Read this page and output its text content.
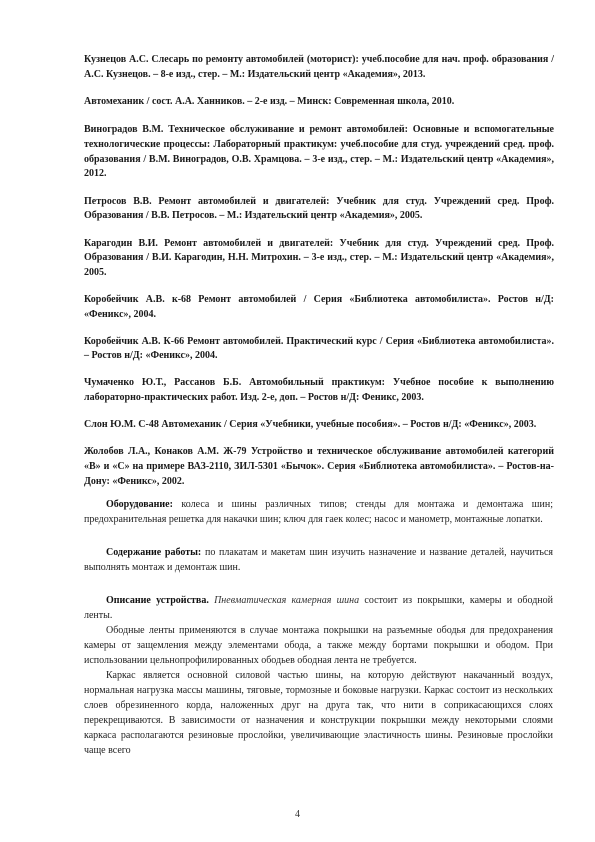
Кузнецов А.С. Слесарь по ремонту автомобилей (моторист): учеб.пособие для нач. проф. образования / А.С. Кузнецов. – 8-е изд., стер. – М.: Издательский центр «Академия», 2013.

Автомеханик / сост. А.А. Ханников. – 2-е изд. – Минск: Современная школа, 2010.

Виноградов В.М. Техническое обслуживание и ремонт автомобилей: Основные и вспомогательные технологические процессы: Лабораторный практикум: учеб.пособие для студ. учреждений сред. проф. образования / В.М. Виноградов, О.В. Храмцова. – 3-е изд., стер. – М.: Издательский центр «Академия», 2012.

Петросов В.В. Ремонт автомобилей и двигателей: Учебник для студ. Учреждений сред. Проф. Образования / В.В. Петросов. – М.: Издательский центр «Академия», 2005.

Карагодин В.И. Ремонт автомобилей и двигателей: Учебник для студ. Учреждений сред. Проф. Образования / В.И. Карагодин, Н.Н. Митрохин. – 3-е изд., стер. – М.: Издательский центр «Академия», 2005.

Коробейчик А.В. к-68 Ремонт автомобилей / Серия «Библиотека автомобилиста». Ростов н/Д: «Феникс», 2004.

Коробейчик А.В. К-66 Ремонт автомобилей. Практический курс / Серия «Библиотека автомобилиста». – Ростов н/Д: «Феникс», 2004.

Чумаченко Ю.Т., Рассанов Б.Б. Автомобильный практикум: Учебное пособие к выполнению лабораторно-практических работ. Изд. 2-е, доп. – Ростов н/Д: Феникс, 2003.

Слон Ю.М. С-48 Автомеханик / Серия «Учебники, учебные пособия». – Ростов н/Д: «Феникс», 2003.

Жолобов Л.А., Конаков А.М. Ж-79 Устройство и техническое обслуживание автомобилей категорий «В» и «С» на примере ВАЗ-2110, ЗИЛ-5301 «Бычок». Серия «Библиотека автомобилиста». – Ростов-на-Дону: «Феникс», 2002.

Оборудование: колеса и шины различных типов; стенды для монтажа и демонтажа шин; предохранительная решетка для накачки шин; ключ для гаек колес; насос и манометр, монтажные лопатки.

Содержание работы: по плакатам и макетам шин изучить назначение и название деталей, научиться выполнять монтаж и демонтаж шин.

Описание устройства. Пневматическая камерная шина состоит из покрышки, камеры и ободной ленты.

Ободные ленты применяются в случае монтажа покрышки на разъемные ободья для предохранения камеры от защемления между элементами обода, а также между бортами покрышки и ободом. При использовании цельнопрофилированных ободьев ободная лента не требуется.

Каркас является основной силовой частью шины, на которую действуют накачанный воздух, нормальная нагрузка массы машины, тяговые, тормозные и боковые нагрузки. Каркас состоит из нескольких слоев обрезиненного корда, наложенных друг на друга так, что нити в соприкасающихся слоях перекрещиваются. В зависимости от назначения и конструкции покрышки между некоторыми слоями каркаса располагаются резиновые прослойки, увеличивающие эластичность шины. Резиновые прослойки чаще всего

4
